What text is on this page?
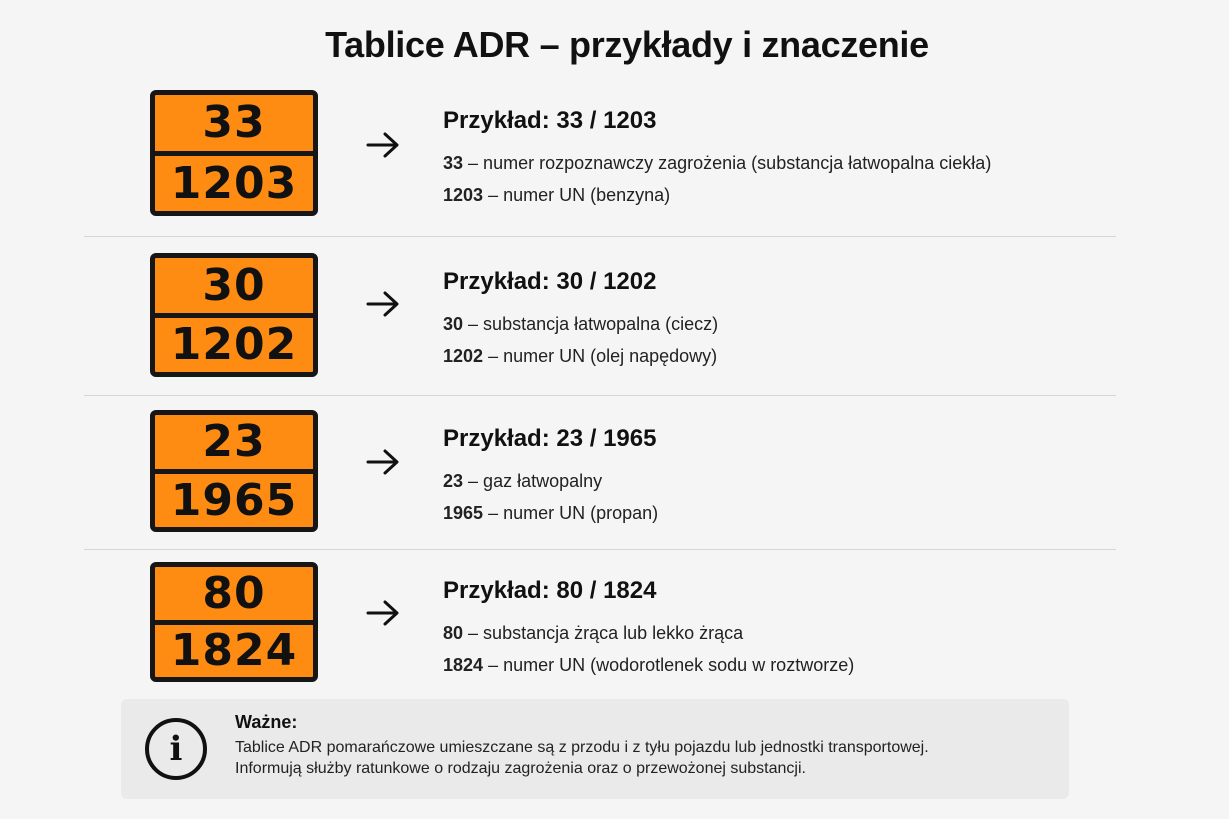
Tablice ADR – przykłady i znaczenie
33
1203
Przykład: 33 / 1203
33 – numer rozpoznawczy zagrożenia (substancja łatwopalna ciekła)
1203 – numer UN (benzyna)
30
1202
Przykład: 30 / 1202
30 – substancja łatwopalna (ciecz)
1202 – numer UN (olej napędowy)
23
1965
Przykład: 23 / 1965
23 – gaz łatwopalny
1965 – numer UN (propan)
80
1824
Przykład: 80 / 1824
80 – substancja żrąca lub lekko żrąca
1824 – numer UN (wodorotlenek sodu w roztworze)
i
Ważne:
Tablice ADR pomarańczowe umieszczane są z przodu i z tyłu pojazdu lub jednostki transportowej.
Informują służby ratunkowe o rodzaju zagrożenia oraz o przewożonej substancji.
